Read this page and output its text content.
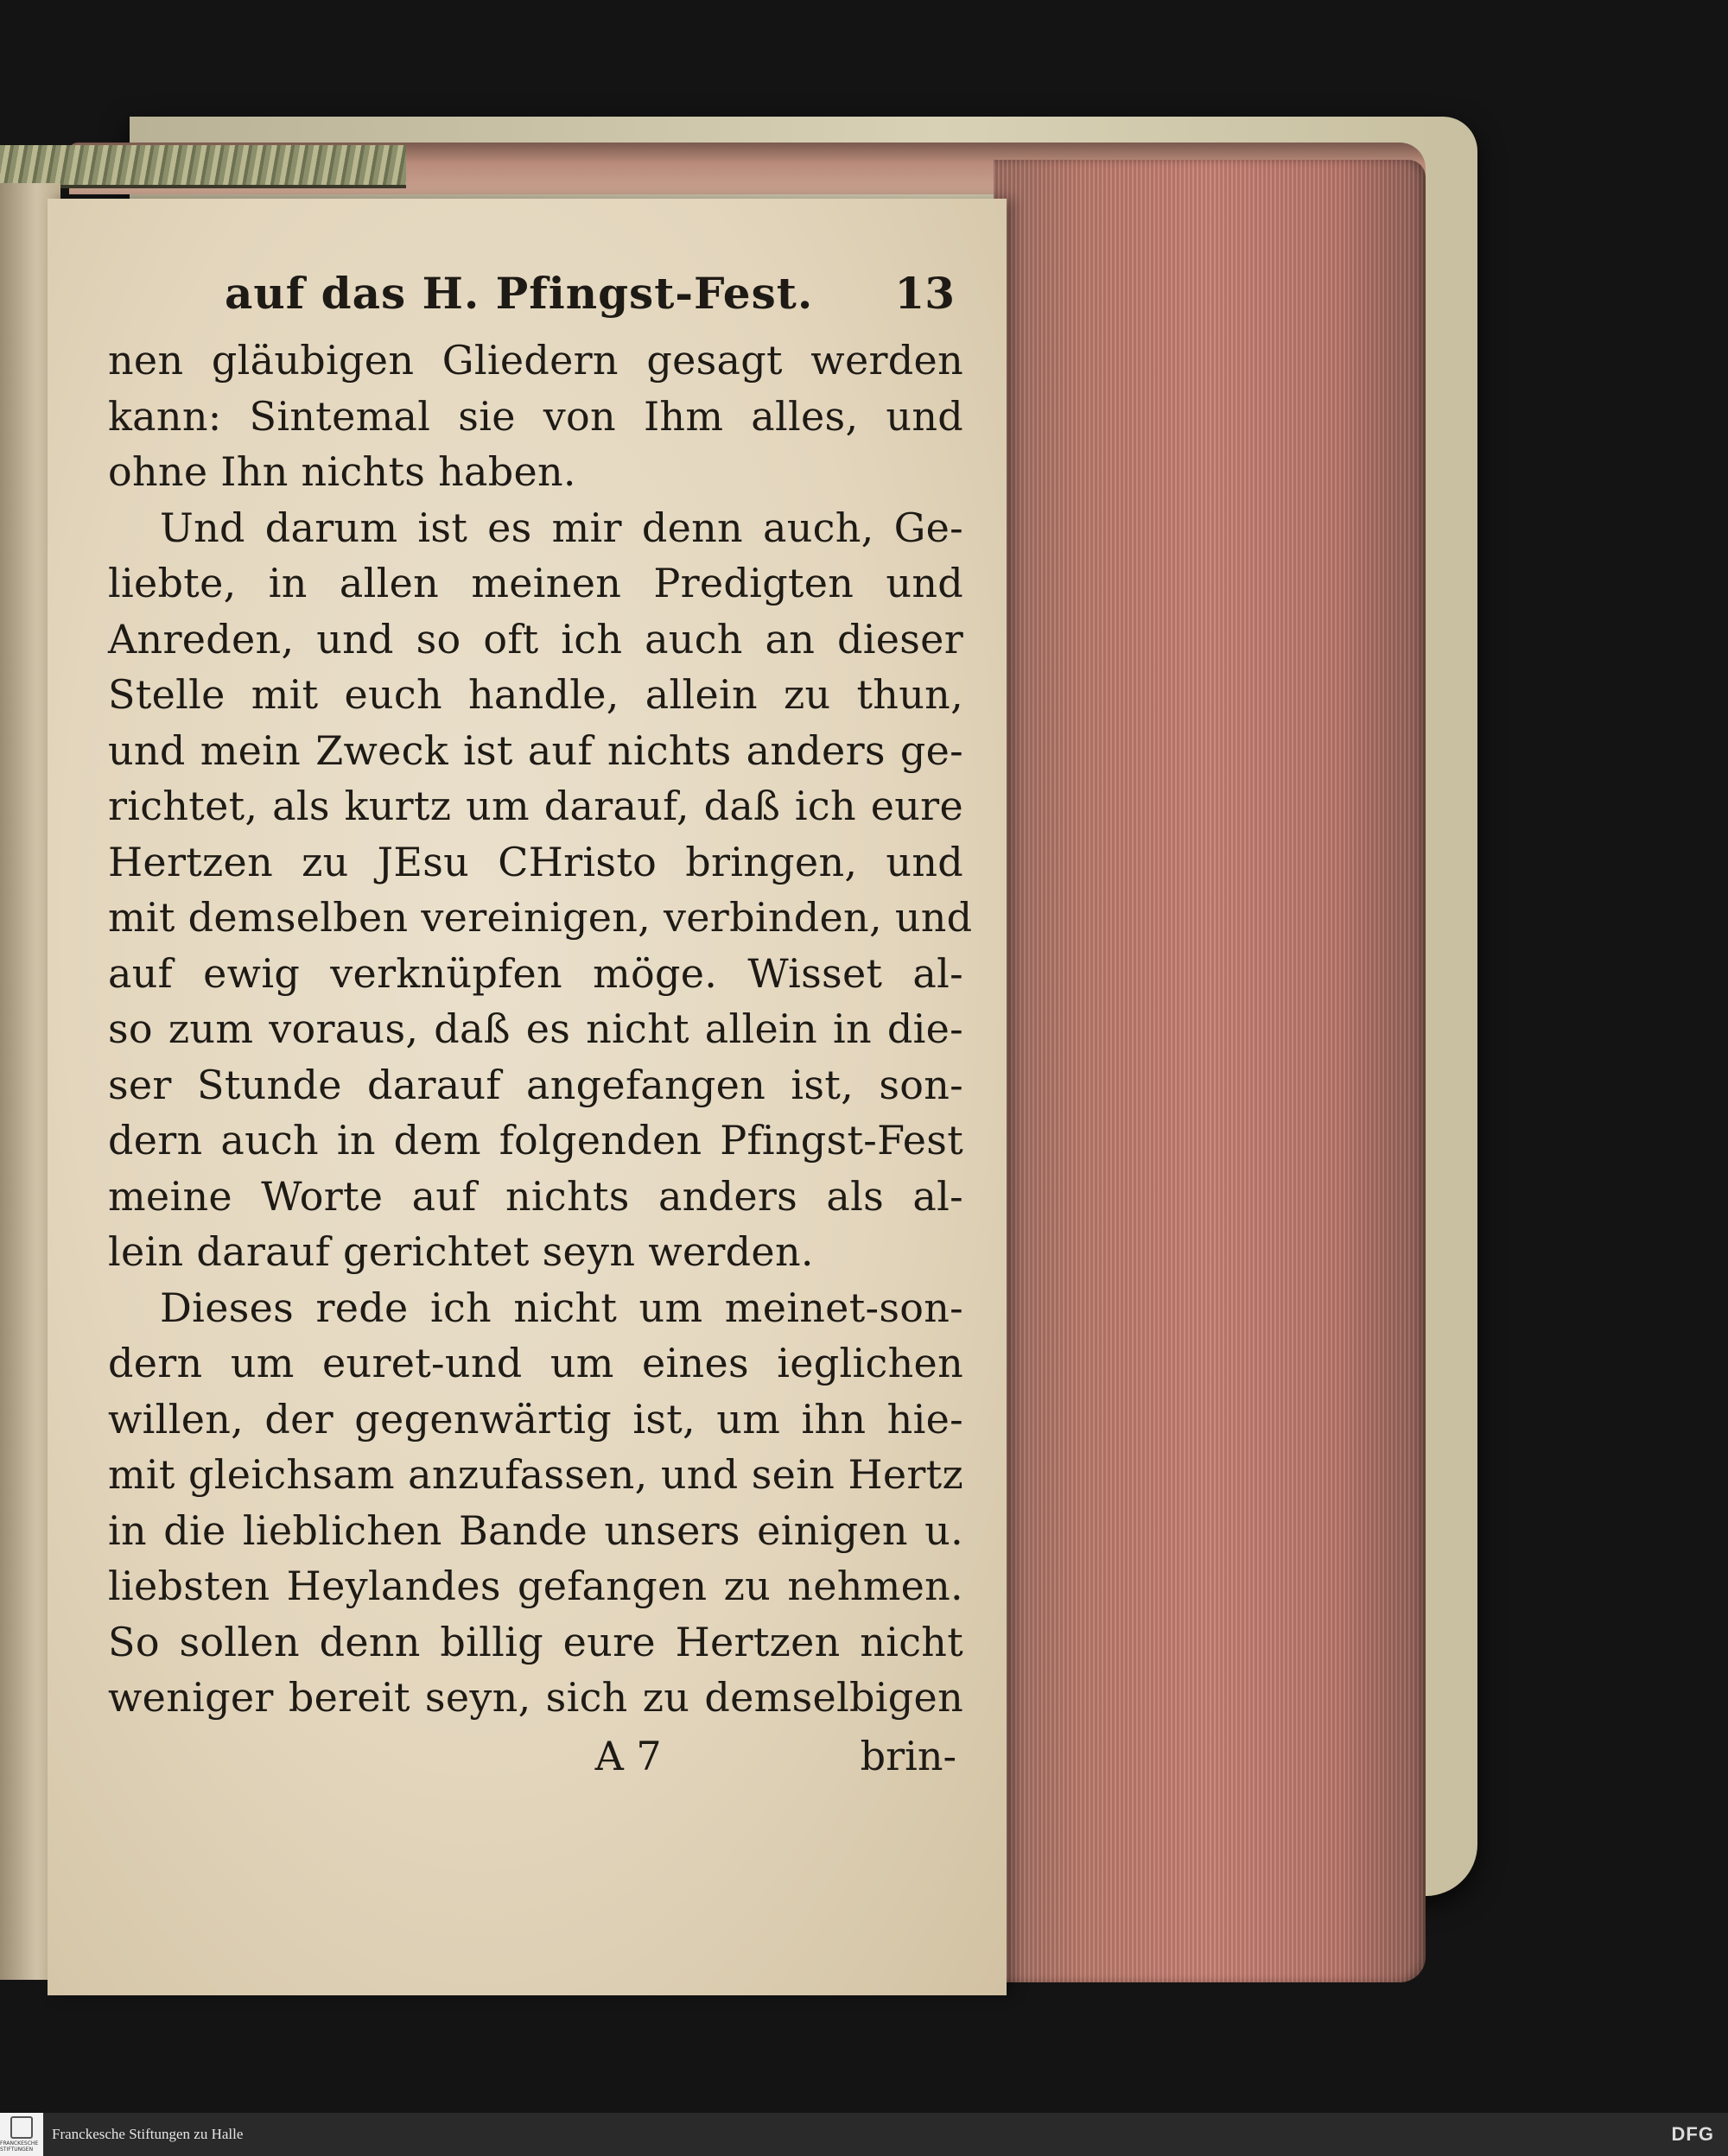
auf das H. Pfingst-Fest. 13
nen gläubigen Gliedern gesagt werden
kann: Sintemal sie von Ihm alles, und
ohne Ihn nichts haben.
Und darum ist es mir denn auch, Ge-
liebte, in allen meinen Predigten und
Anreden, und so oft ich auch an dieser
Stelle mit euch handle, allein zu thun,
und mein Zweck ist auf nichts anders ge-
richtet, als kurtz um darauf, daß ich eure
Hertzen zu JEsu CHristo bringen, und
mit demselben vereinigen, verbinden, und
auf ewig verknüpfen möge. Wisset al-
so zum voraus, daß es nicht allein in die-
ser Stunde darauf angefangen ist, son-
dern auch in dem folgenden Pfingst-Fest
meine Worte auf nichts anders als al-
lein darauf gerichtet seyn werden.
Dieses rede ich nicht um meinet-son-
dern um euret-und um eines ieglichen
willen, der gegenwärtig ist, um ihn hie-
mit gleichsam anzufassen, und sein Hertz
in die lieblichen Bande unsers einigen u.
liebsten Heylandes gefangen zu nehmen.
So sollen denn billig eure Hertzen nicht
weniger bereit seyn, sich zu demselbigen
A 7	brin-
FRANCKESCHE STIFTUNGEN
Franckesche Stiftungen zu Halle	DFG
